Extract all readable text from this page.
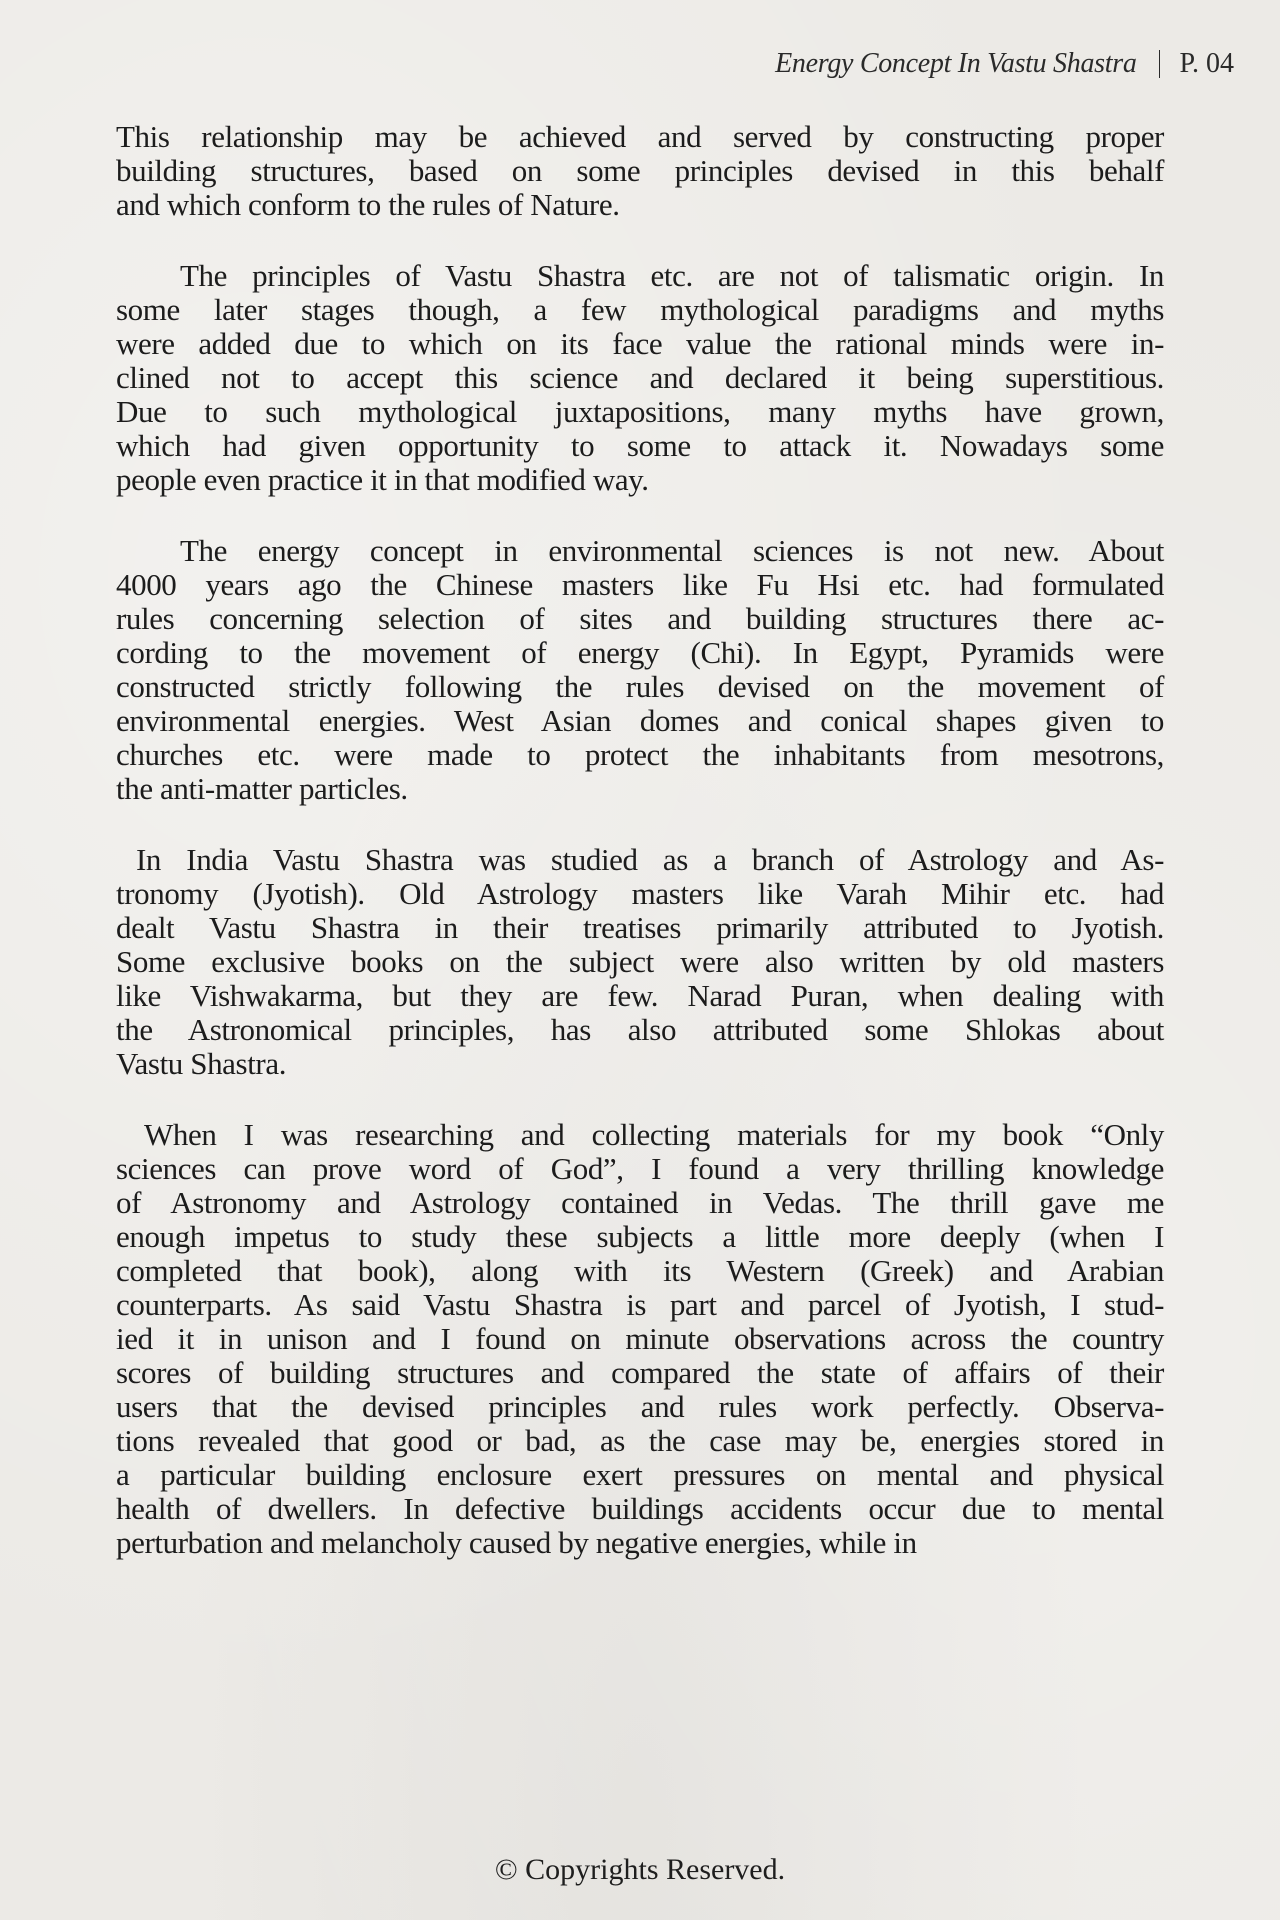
Energy Concept In Vastu Shastra P. 04

This relationship may be achieved and served by constructing proper
building structures, based on some principles devised in this behalf
and which conform to the rules of Nature.

The principles of Vastu Shastra etc. are not of talismatic origin. In
some later stages though, a few mythological paradigms and myths
were added due to which on its face value the rational minds were in-
clined not to accept this science and declared it being superstitious.
Due to such mythological juxtapositions, many myths have grown,
which had given opportunity to some to attack it. Nowadays some
people even practice it in that modified way.

The energy concept in environmental sciences is not new. About
4000 years ago the Chinese masters like Fu Hsi etc. had formulated
rules concerning selection of sites and building structures there ac-
cording to the movement of energy (Chi). In Egypt, Pyramids were
constructed strictly following the rules devised on the movement of
environmental energies. West Asian domes and conical shapes given to
churches etc. were made to protect the inhabitants from mesotrons,
the anti-matter particles.

In India Vastu Shastra was studied as a branch of Astrology and As-
tronomy (Jyotish). Old Astrology masters like Varah Mihir etc. had
dealt Vastu Shastra in their treatises primarily attributed to Jyotish.
Some exclusive books on the subject were also written by old masters
like Vishwakarma, but they are few. Narad Puran, when dealing with
the Astronomical principles, has also attributed some Shlokas about
Vastu Shastra.

When I was researching and collecting materials for my book “Only
sciences can prove word of God”, I found a very thrilling knowledge
of Astronomy and Astrology contained in Vedas. The thrill gave me
enough impetus to study these subjects a little more deeply (when I
completed that book), along with its Western (Greek) and Arabian
counterparts. As said Vastu Shastra is part and parcel of Jyotish, I stud-
ied it in unison and I found on minute observations across the country
scores of building structures and compared the state of affairs of their
users that the devised principles and rules work perfectly. Observa-
tions revealed that good or bad, as the case may be, energies stored in
a particular building enclosure exert pressures on mental and physical
health of dwellers. In defective buildings accidents occur due to mental
perturbation and melancholy caused by negative energies, while in

© Copyrights Reserved.
